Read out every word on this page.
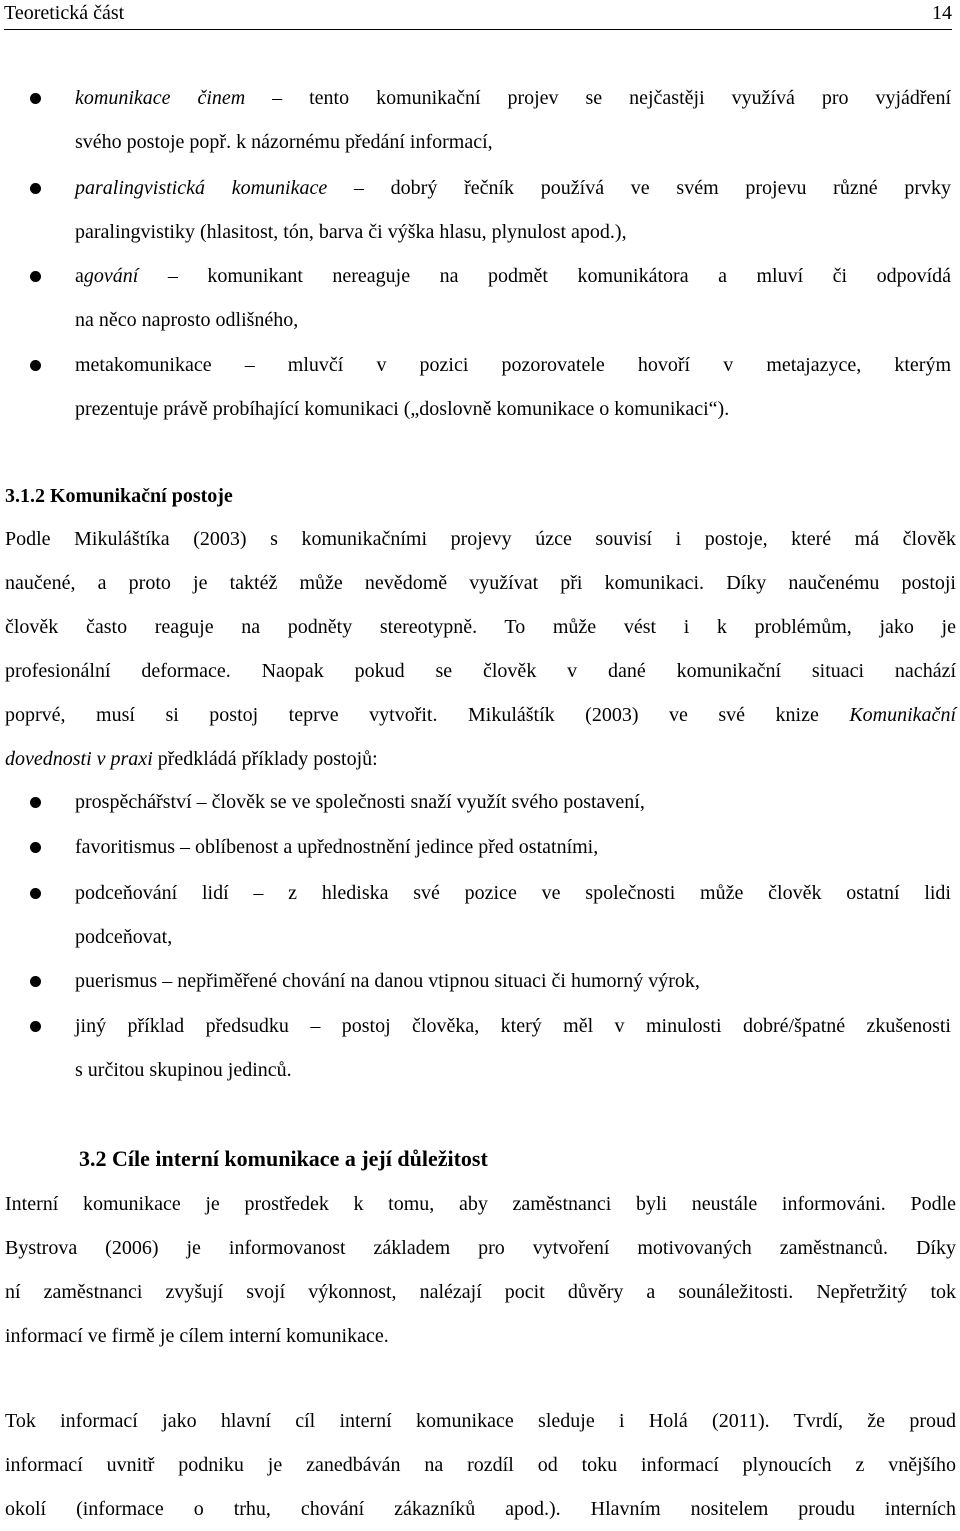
Teoretická část	14
komunikace činem – tento komunikační projev se nejčastěji využívá pro vyjádření
svého postoje popř. k názornému předání informací,
paralingvistická komunikace – dobrý řečník používá ve svém projevu různé prvky
paralingvistiky (hlasitost, tón, barva či výška hlasu, plynulost apod.),
agování – komunikant nereaguje na podmět komunikátora a mluví či odpovídá
na něco naprosto odlišného,
metakomunikace – mluvčí v pozici pozorovatele hovoří v metajazyce, kterým
prezentuje právě probíhající komunikaci („doslovně komunikace o komunikaci“).
3.1.2 Komunikační postoje
Podle Mikuláštíka (2003) s komunikačními projevy úzce souvisí i postoje, které má člověk
naučené, a proto je taktéž může nevědomě využívat při komunikaci. Díky naučenému postoji
člověk často reaguje na podněty stereotypně. To může vést i k problémům, jako je
profesionální deformace. Naopak pokud se člověk v dané komunikační situaci nachází
poprvé, musí si postoj teprve vytvořit. Mikuláštík (2003) ve své knize Komunikační
dovednosti v praxi předkládá příklady postojů:
prospěchářství – člověk se ve společnosti snaží využít svého postavení,
favoritismus – oblíbenost a upřednostnění jedince před ostatními,
podceňování lidí – z hlediska své pozice ve společnosti může člověk ostatní lidi
podceňovat,
puerismus – nepřiměřené chování na danou vtipnou situaci či humorný výrok,
jiný příklad předsudku – postoj člověka, který měl v minulosti dobré/špatné zkušenosti
s určitou skupinou jedinců.
3.2 Cíle interní komunikace a její důležitost
Interní komunikace je prostředek k tomu, aby zaměstnanci byli neustále informováni. Podle
Bystrova (2006) je informovanost základem pro vytvoření motivovaných zaměstnanců. Díky
ní zaměstnanci zvyšují svojí výkonnost, nalézají pocit důvěry a sounáležitosti. Nepřetržitý tok
informací ve firmě je cílem interní komunikace.
Tok informací jako hlavní cíl interní komunikace sleduje i Holá (2011). Tvrdí, že proud
informací uvnitř podniku je zanedbáván na rozdíl od toku informací plynoucích z vnějšího
okolí (informace o trhu, chování zákazníků apod.). Hlavním nositelem proudu interních
